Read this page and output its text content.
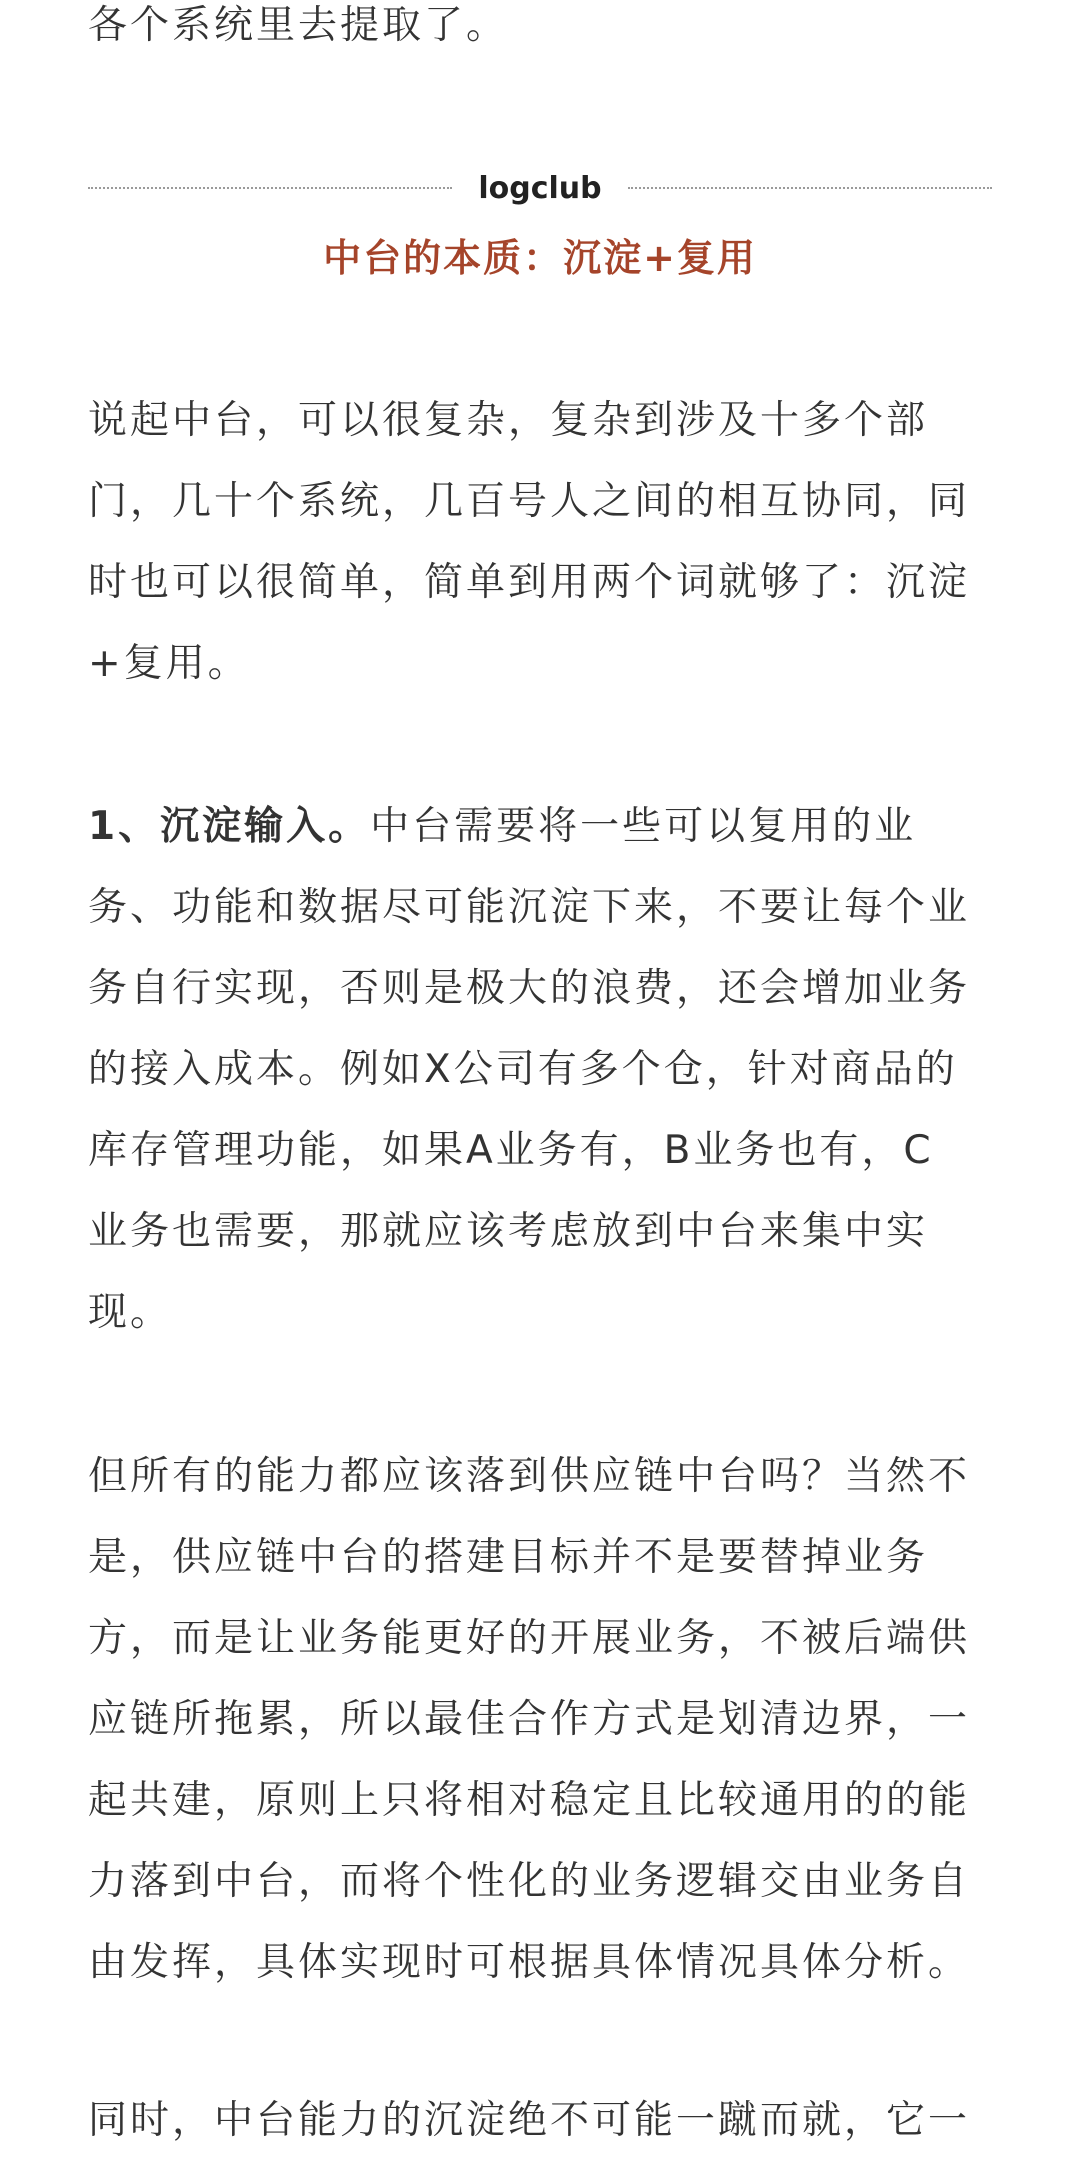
各个系统里去提取了。
logclub
中台的本质：沉淀+复用
说起中台，可以很复杂，复杂到涉及十多个部
门，几十个系统，几百号人之间的相互协同，同
时也可以很简单，简单到用两个词就够了：沉淀
+复用。
1、沉淀输入。中台需要将一些可以复用的业
务、功能和数据尽可能沉淀下来，不要让每个业
务自行实现，否则是极大的浪费，还会增加业务
的接入成本。例如X公司有多个仓，针对商品的
库存管理功能，如果A业务有，B业务也有，C
业务也需要，那就应该考虑放到中台来集中实
现。
但所有的能力都应该落到供应链中台吗？当然不
是，供应链中台的搭建目标并不是要替掉业务
方，而是让业务能更好的开展业务，不被后端供
应链所拖累，所以最佳合作方式是划清边界，一
起共建，原则上只将相对稳定且比较通用的的能
力落到中台，而将个性化的业务逻辑交由业务自
由发挥，具体实现时可根据具体情况具体分析。
同时，中台能力的沉淀绝不可能一蹴而就，它一
